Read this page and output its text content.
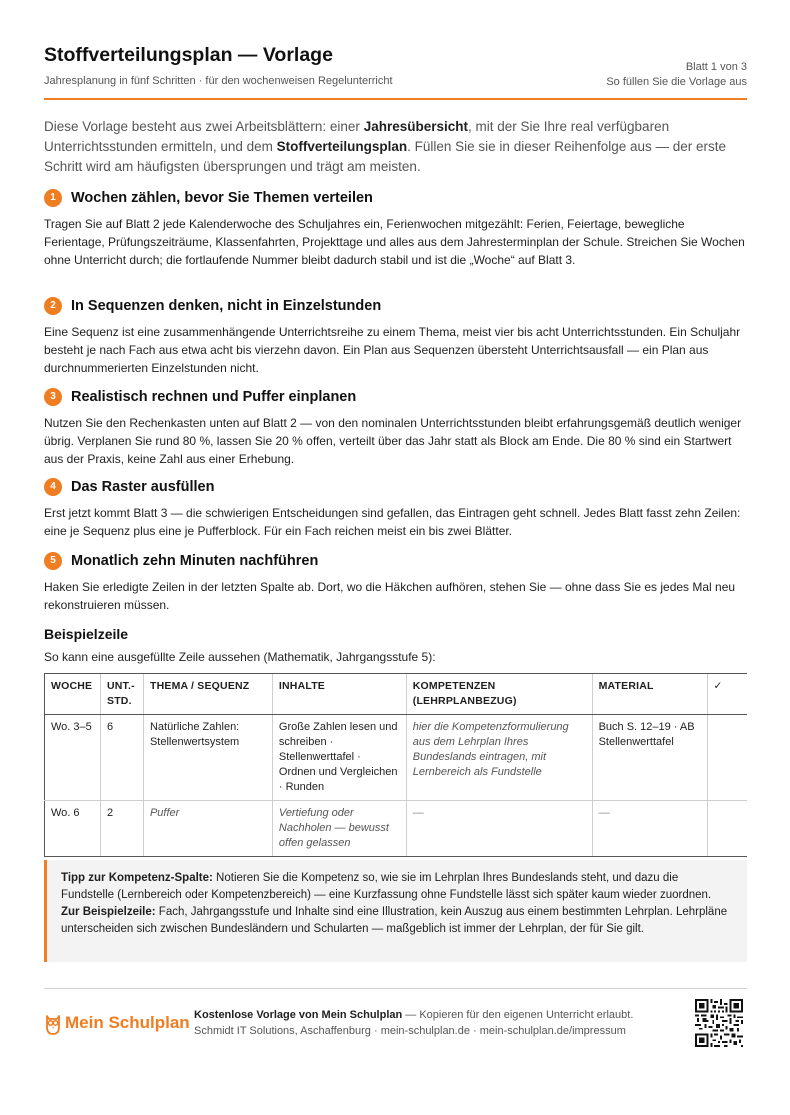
Stoffverteilungsplan — Vorlage
Jahresplanung in fünf Schritten · für den wochenweisen Regelunterricht
Blatt 1 von 3
So füllen Sie die Vorlage aus

Diese Vorlage besteht aus zwei Arbeitsblättern: einer Jahresübersicht, mit der Sie Ihre real verfügbaren Unterrichtsstunden ermitteln, und dem Stoffverteilungsplan. Füllen Sie sie in dieser Reihenfolge aus — der erste Schritt wird am häufigsten übersprungen und trägt am meisten.

1	Wochen zählen, bevor Sie Themen verteilen

Tragen Sie auf Blatt 2 jede Kalenderwoche des Schuljahres ein, Ferienwochen mitgezählt: Ferien, Feiertage, bewegliche Ferientage, Prüfungszeiträume, Klassenfahrten, Projekttage und alles aus dem Jahresterminplan der Schule. Streichen Sie Wochen ohne Unterricht durch; die fortlaufende Nummer bleibt dadurch stabil und ist die „Woche“ auf Blatt 3.

2	In Sequenzen denken, nicht in Einzelstunden

Eine Sequenz ist eine zusammenhängende Unterrichtsreihe zu einem Thema, meist vier bis acht Unterrichtsstunden. Ein Schuljahr besteht je nach Fach aus etwa acht bis vierzehn davon. Ein Plan aus Sequenzen übersteht Unterrichtsausfall — ein Plan aus durchnummerierten Einzelstunden nicht.

3	Realistisch rechnen und Puffer einplanen

Nutzen Sie den Rechenkasten unten auf Blatt 2 — von den nominalen Unterrichtsstunden bleibt erfahrungsgemäß deutlich weniger übrig. Verplanen Sie rund 80 %, lassen Sie 20 % offen, verteilt über das Jahr statt als Block am Ende. Die 80 % sind ein Startwert aus der Praxis, keine Zahl aus einer Erhebung.

4	Das Raster ausfüllen

Erst jetzt kommt Blatt 3 — die schwierigen Entscheidungen sind gefallen, das Eintragen geht schnell. Jedes Blatt fasst zehn Zeilen: eine je Sequenz plus eine je Pufferblock. Für ein Fach reichen meist ein bis zwei Blätter.

5	Monatlich zehn Minuten nachführen

Haken Sie erledigte Zeilen in der letzten Spalte ab. Dort, wo die Häkchen aufhören, stehen Sie — ohne dass Sie es jedes Mal neu rekonstruieren müssen.

Beispielzeile
So kann eine ausgefüllte Zeile aussehen (Mathematik, Jahrgangsstufe 5):
WOCHE	UNT.-STD.	THEMA / SEQUENZ	INHALTE	KOMPETENZEN (LEHRPLANBEZUG)	MATERIAL	✓
Wo. 3–5	6	Natürliche Zahlen: Stellenwertsystem	Große Zahlen lesen und schreiben · Stellenwerttafel · Ordnen und Vergleichen · Runden	hier die Kompetenzformulierung aus dem Lehrplan Ihres Bundeslands eintragen, mit Lernbereich als Fundstelle	Buch S. 12–19 · AB Stellenwerttafel	
Wo. 6	2	Puffer	Vertiefung oder Nachholen — bewusst offen gelassen	—	—	
Tipp zur Kompetenz-Spalte: Notieren Sie die Kompetenz so, wie sie im Lehrplan Ihres Bundeslands steht, und dazu die Fundstelle (Lernbereich oder Kompetenzbereich) — eine Kurzfassung ohne Fundstelle lässt sich später kaum wieder zuordnen.
Zur Beispielzeile: Fach, Jahrgangsstufe und Inhalte sind eine Illustration, kein Auszug aus einem bestimmten Lehrplan. Lehrpläne unterscheiden sich zwischen Bundesländern und Schularten — maßgeblich ist immer der Lehrplan, der für Sie gilt.
Mein Schulplan Kostenlose Vorlage von Mein Schulplan — Kopieren für den eigenen Unterricht erlaubt.
Schmidt IT Solutions, Aschaffenburg · mein-schulplan.de · mein-schulplan.de/impressum
